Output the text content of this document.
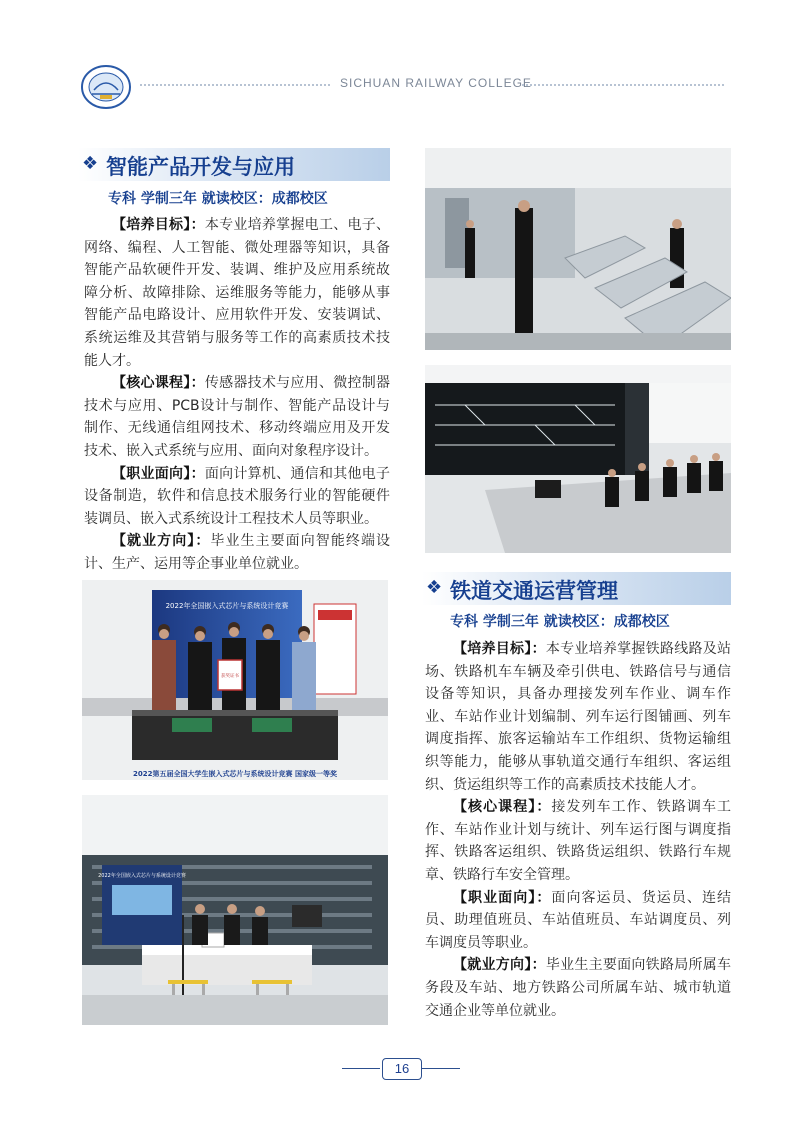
SICHUAN RAILWAY COLLEGE
❖ 智能产品开发与应用
专科 学制三年 就读校区：成都校区

【培养目标】：本专业培养掌握电工、电子、网络、编程、人工智能、微处理器等知识，具备智能产品软硬件开发、装调、维护及应用系统故障分析、故障排除、运维服务等能力，能够从事智能产品电路设计、应用软件开发、安装调试、系统运维及其营销与服务等工作的高素质技术技能人才。

【核心课程】：传感器技术与应用、微控制器技术与应用、PCB设计与制作、智能产品设计与制作、无线通信组网技术、移动终端应用及开发技术、嵌入式系统与应用、面向对象程序设计。

【职业面向】：面向计算机、通信和其他电子设备制造，软件和信息技术服务行业的智能硬件装调员、嵌入式系统设计工程技术人员等职业。

【就业方向】：毕业生主要面向智能终端设计、生产、运用等企事业单位就业。

2022年全国嵌入式芯片与系统设计竞赛
获奖证书
2022第五届全国大学生嵌入式芯片与系统设计竞赛 国家级一等奖
2022年全国嵌入式芯片与系统设计竞赛
❖ 铁道交通运营管理
专科 学制三年 就读校区：成都校区

【培养目标】：本专业培养掌握铁路线路及站场、铁路机车车辆及牵引供电、铁路信号与通信设备等知识，具备办理接发列车作业、调车作业、车站作业计划编制、列车运行图铺画、列车调度指挥、旅客运输站车工作组织、货物运输组织等能力，能够从事轨道交通行车组织、客运组织、货运组织等工作的高素质技术技能人才。

【核心课程】：接发列车工作、铁路调车工作、车站作业计划与统计、列车运行图与调度指挥、铁路客运组织、铁路货运组织、铁路行车规章、铁路行车安全管理。

【职业面向】：面向客运员、货运员、连结员、助理值班员、车站值班员、车站调度员、列车调度员等职业。

【就业方向】：毕业生主要面向铁路局所属车务段及车站、地方铁路公司所属车站、城市轨道交通企业等单位就业。

16
